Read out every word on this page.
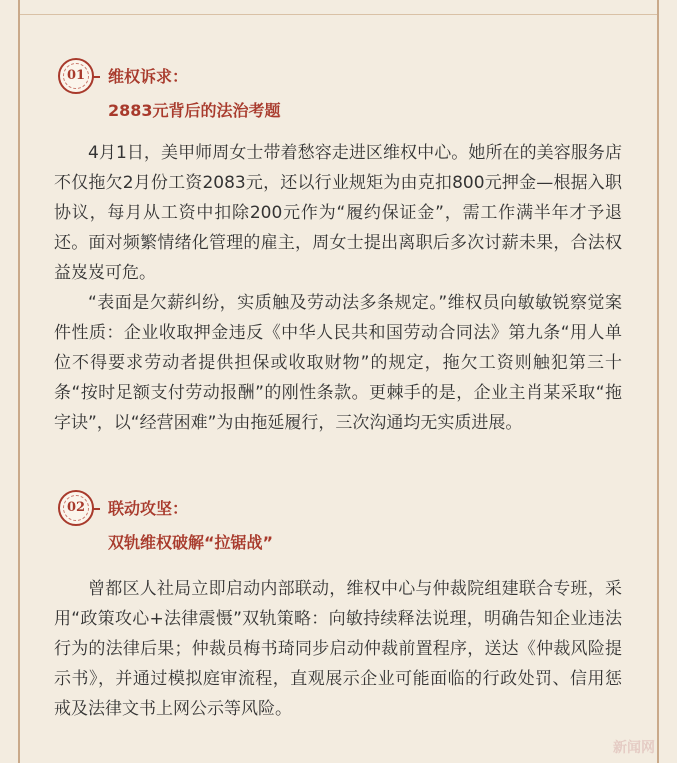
01	维权诉求：
2883元背后的法治考题

4月1日，美甲师周女士带着愁容走进区维权中心。她所在的美容服务店不仅拖欠2月份工资2083元，还以行业规矩为由克扣800元押金—根据入职协议，每月从工资中扣除200元作为“履约保证金”，需工作满半年才予退还。面对频繁情绪化管理的雇主，周女士提出离职后多次讨薪未果，合法权益岌岌可危。

“表面是欠薪纠纷，实质触及劳动法多条规定。”维权员向敏敏锐察觉案件性质：企业收取押金违反《中华人民共和国劳动合同法》第九条“用人单位不得要求劳动者提供担保或收取财物”的规定，拖欠工资则触犯第三十条“按时足额支付劳动报酬”的刚性条款。更棘手的是，企业主肖某采取“拖字诀”，以“经营困难”为由拖延履行，三次沟通均无实质进展。

02	联动攻坚：
双轨维权破解“拉锯战”

曾都区人社局立即启动内部联动，维权中心与仲裁院组建联合专班，采用“政策攻心+法律震慑”双轨策略：向敏持续释法说理，明确告知企业违法行为的法律后果；仲裁员梅书琦同步启动仲裁前置程序，送达《仲裁风险提示书》，并通过模拟庭审流程，直观展示企业可能面临的行政处罚、信用惩戒及法律文书上网公示等风险。

新闻网
